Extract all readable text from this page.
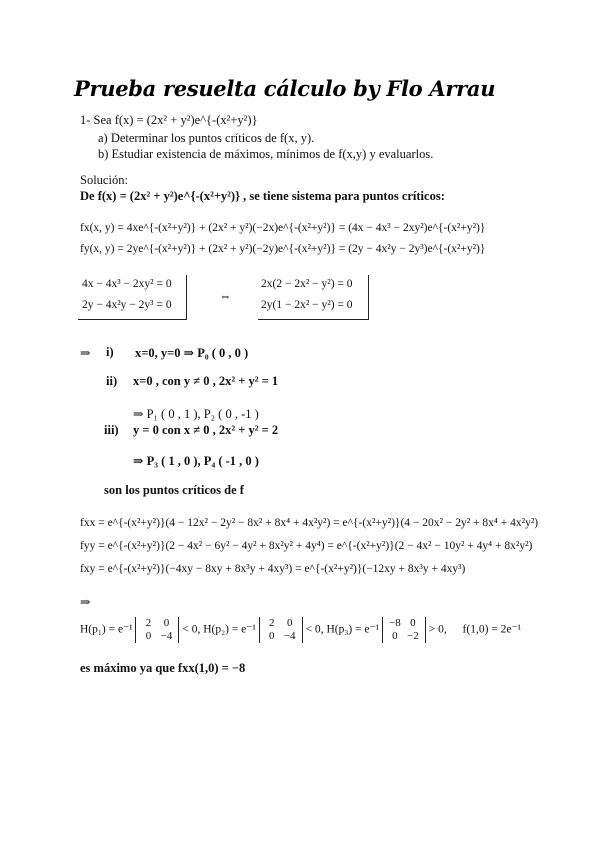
Prueba resuelta cálculo by Flo Arrau
1- Sea f(x) = (2x² + y²)e^{-(x²+y²)}
a) Determinar los puntos críticos de f(x, y).
b) Estudiar existencia de máximos, mínimos de f(x,y) y evaluarlos.
Solución:
De f(x) = (2x² + y²)e^{-(x²+y²)} , se tiene sistema para puntos críticos:
fx(x, y) = 4xe^{-(x²+y²)} + (2x² + y²)(−2x)e^{-(x²+y²)} = (4x − 4x³ − 2xy²)e^{-(x²+y²)}
fy(x, y) = 2ye^{-(x²+y²)} + (2x² + y²)(−2y)e^{-(x²+y²)} = (2y − 4x²y − 2y³)e^{-(x²+y²)}
4x − 4x³ − 2xy² = 0
2y − 4x²y − 2y³ = 0
⇔
2x(2 − 2x² − y²) = 0
2y(1 − 2x² − y²) = 0
⇒ i) x=0, y=0 ⇒ P₀ ( 0 , 0 )
ii) x=0 , con y ≠ 0 , 2x² + y² = 1
⇒ P₁ ( 0 , 1 ), P₂ ( 0 , -1 )
iii) y = 0 con x ≠ 0 , 2x² + y² = 2
⇒ P₃ ( 1 , 0 ), P₄ ( -1 , 0 )
son los puntos críticos de f
fxx = e^{-(x²+y²)}(4 − 12x² − 2y² − 8x² + 8x⁴ + 4x²y²) = e^{-(x²+y²)}(4 − 20x² − 2y² + 8x⁴ + 4x²y²)
fyy = e^{-(x²+y²)}(2 − 4x² − 6y² − 4y² + 8x²y² + 4y⁴) = e^{-(x²+y²)}(2 − 4x² − 10y² + 4y⁴ + 8x²y²)
fxy = e^{-(x²+y²)}(−4xy − 8xy + 8x³y + 4xy³) = e^{-(x²+y²)}(−12xy + 8x³y + 4xy³)
⇒
H(p₁) = e⁻¹ 2 0
0 −4 < 0, H(p₂) = e⁻¹ 2 0
0 −4 < 0, H(p₃) = e⁻¹ −8 0
0 −2 > 0, f(1,0) = 2e⁻¹
es máximo ya que fxx(1,0) = −8
